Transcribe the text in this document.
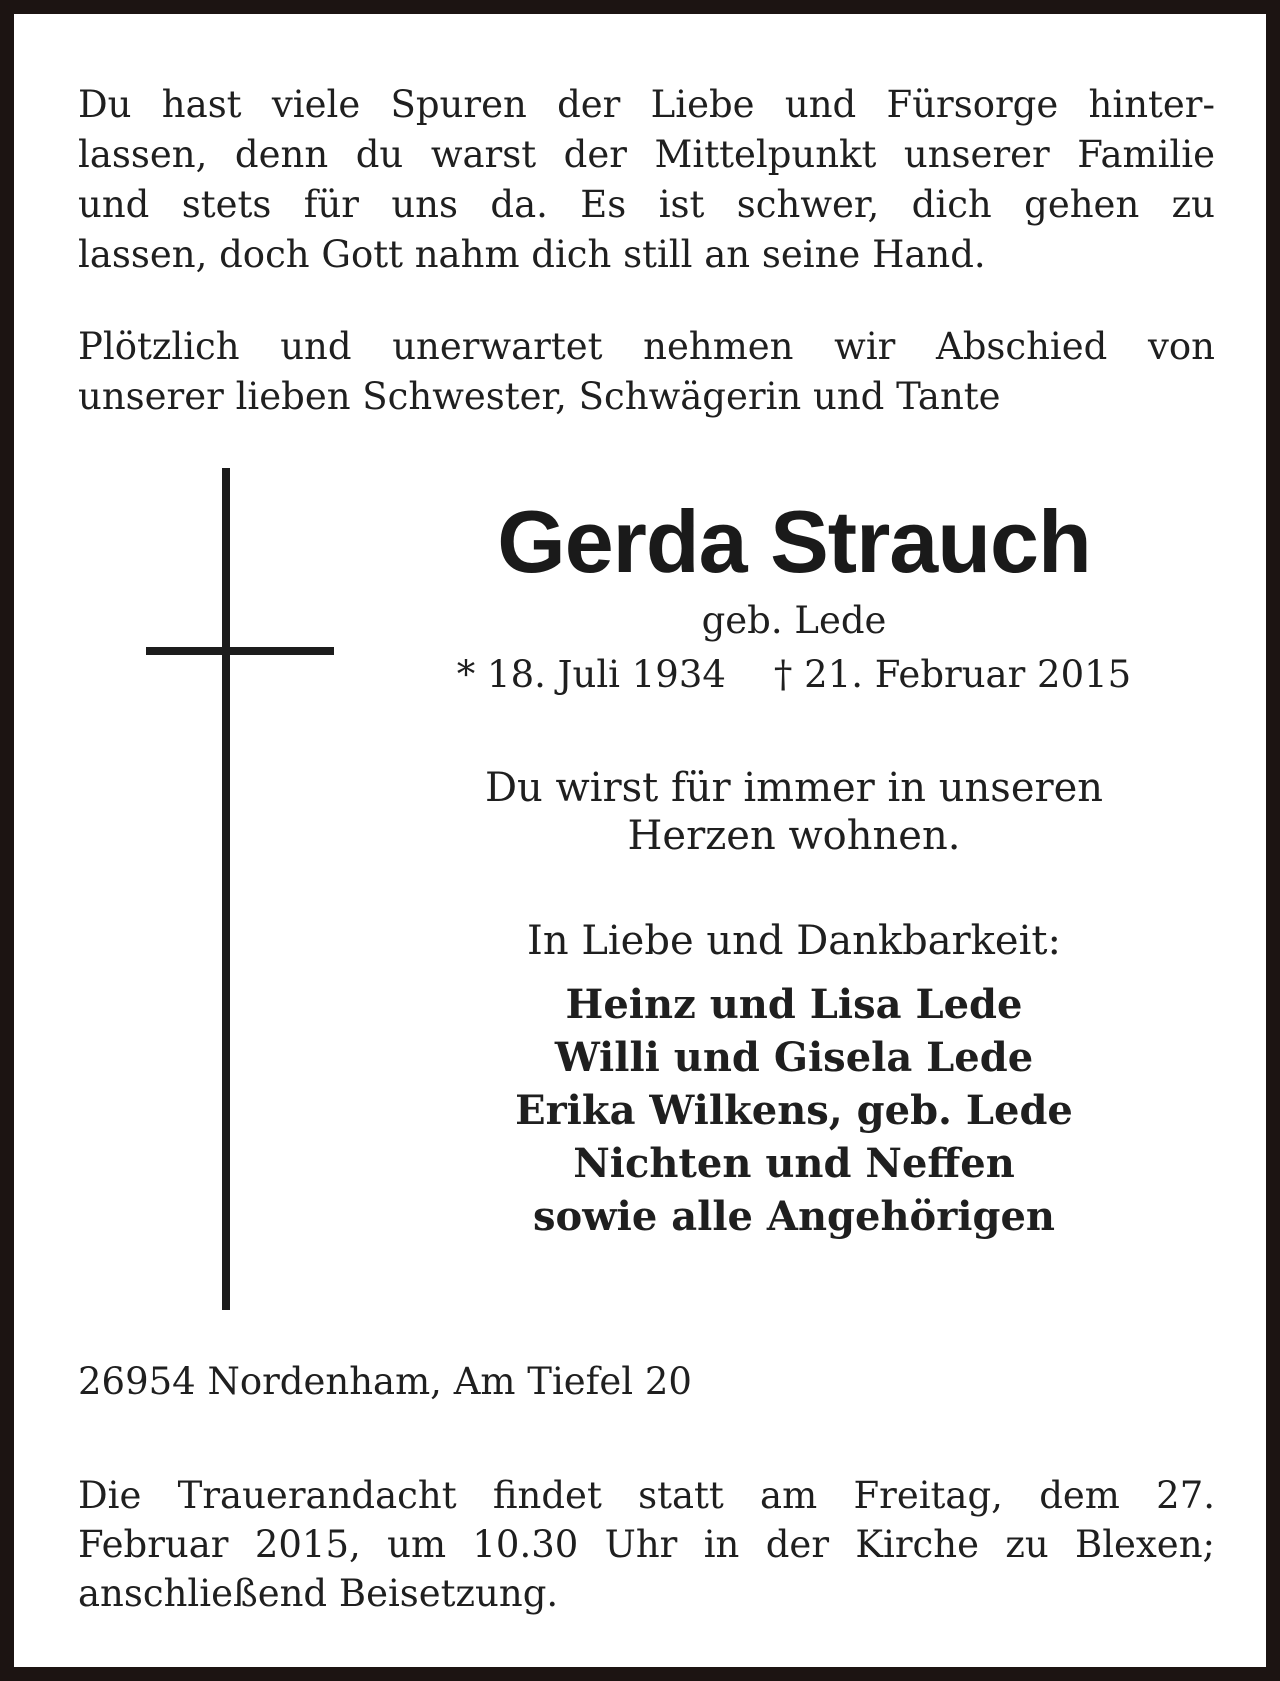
Du hast viele Spuren der Liebe und Fürsorge hinter-
lassen, denn du warst der Mittelpunkt unserer Familie
und stets für uns da. Es ist schwer, dich gehen zu
lassen, doch Gott nahm dich still an seine Hand.

Plötzlich und unerwartet nehmen wir Abschied von
unserer lieben Schwester, Schwägerin und Tante

Gerda Strauch
geb. Lede
* 18. Juli 1934 † 21. Februar 2015
Du wirst für immer in unseren
Herzen wohnen.
In Liebe und Dankbarkeit:
Heinz und Lisa Lede
Willi und Gisela Lede
Erika Wilkens, geb. Lede
Nichten und Neffen
sowie alle Angehörigen
26954 Nordenham, Am Tiefel 20
Die Trauerandacht findet statt am Freitag, dem 27.
Februar 2015, um 10.30 Uhr in der Kirche zu Blexen;
anschließend Beisetzung.
